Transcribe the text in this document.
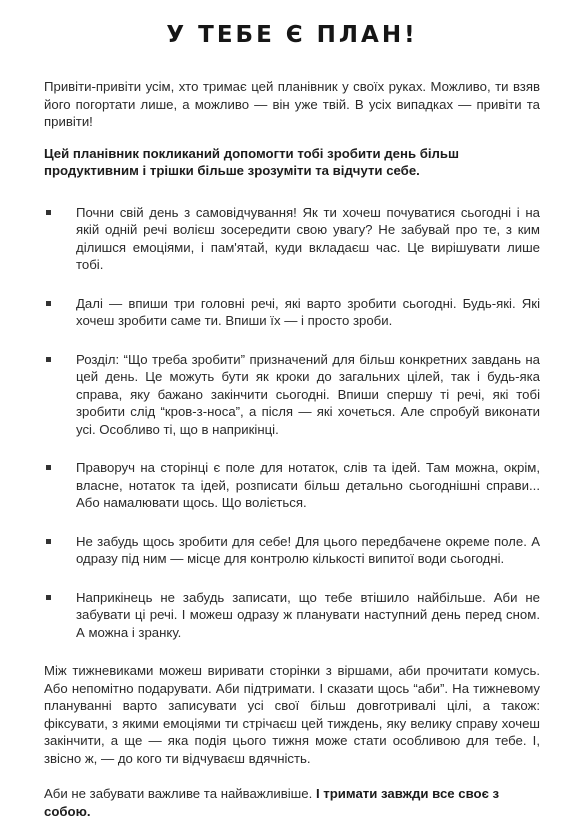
У ТЕБЕ Є ПЛАН!

Привіти-привіти усім, хто тримає цей планівник у своїх руках. Можливо, ти взяв його погортати лише, а можливо — він уже твій. В усіх випадках — привіти та привіти!

Цей планівник покликаний допомогти тобі зробити день більш продуктивним і трішки більше зрозуміти та відчути себе.

Почни свій день з самовідчування! Як ти хочеш почуватися сьогодні і на якій одній речі волієш зосередити свою увагу? Не забувай про те, з ким ділишся емоціями, і пам'ятай, куди вкладаєш час. Це вирішувати лише тобі.
Далі — впиши три головні речі, які варто зробити сьогодні. Будь-які. Які хочеш зробити саме ти. Впиши їх — і просто зроби.
Розділ: “Що треба зробити” призначений для більш конкретних завдань на цей день. Це можуть бути як кроки до загальних цілей, так і будь-яка справа, яку бажано закінчити сьогодні. Впиши спершу ті речі, які тобі зробити слід “кров-з-носа”, а після — які хочеться. Але спробуй виконати усі. Особливо ті, що в наприкінці.
Праворуч на сторінці є поле для нотаток, слів та ідей. Там можна, окрім, власне, нотаток та ідей, розписати більш детально сьогоднішні справи... Або намалювати щось. Що воліється.
Не забудь щось зробити для себе! Для цього передбачене окреме поле. А одразу під ним — місце для контролю кількості випитої води сьогодні.
Наприкінець не забудь записати, що тебе втішило найбільше. Аби не забувати ці речі. І можеш одразу ж планувати наступний день перед сном. А можна і зранку.

Між тижневиками можеш виривати сторінки з віршами, аби прочитати комусь. Або непомітно подарувати. Аби підтримати. І сказати щось “аби”. На тижневому плануванні варто записувати усі свої більш довготривалі цілі, а також: фіксувати, з якими емоціями ти стрічаєш цей тиждень, яку велику справу хочеш закінчити, а ще — яка подія цього тижня може стати особливою для тебе. І, звісно ж, — до кого ти відчуваєш вдячність.

Аби не забувати важливе та найважливіше. І тримати завжди все своє з собою.
